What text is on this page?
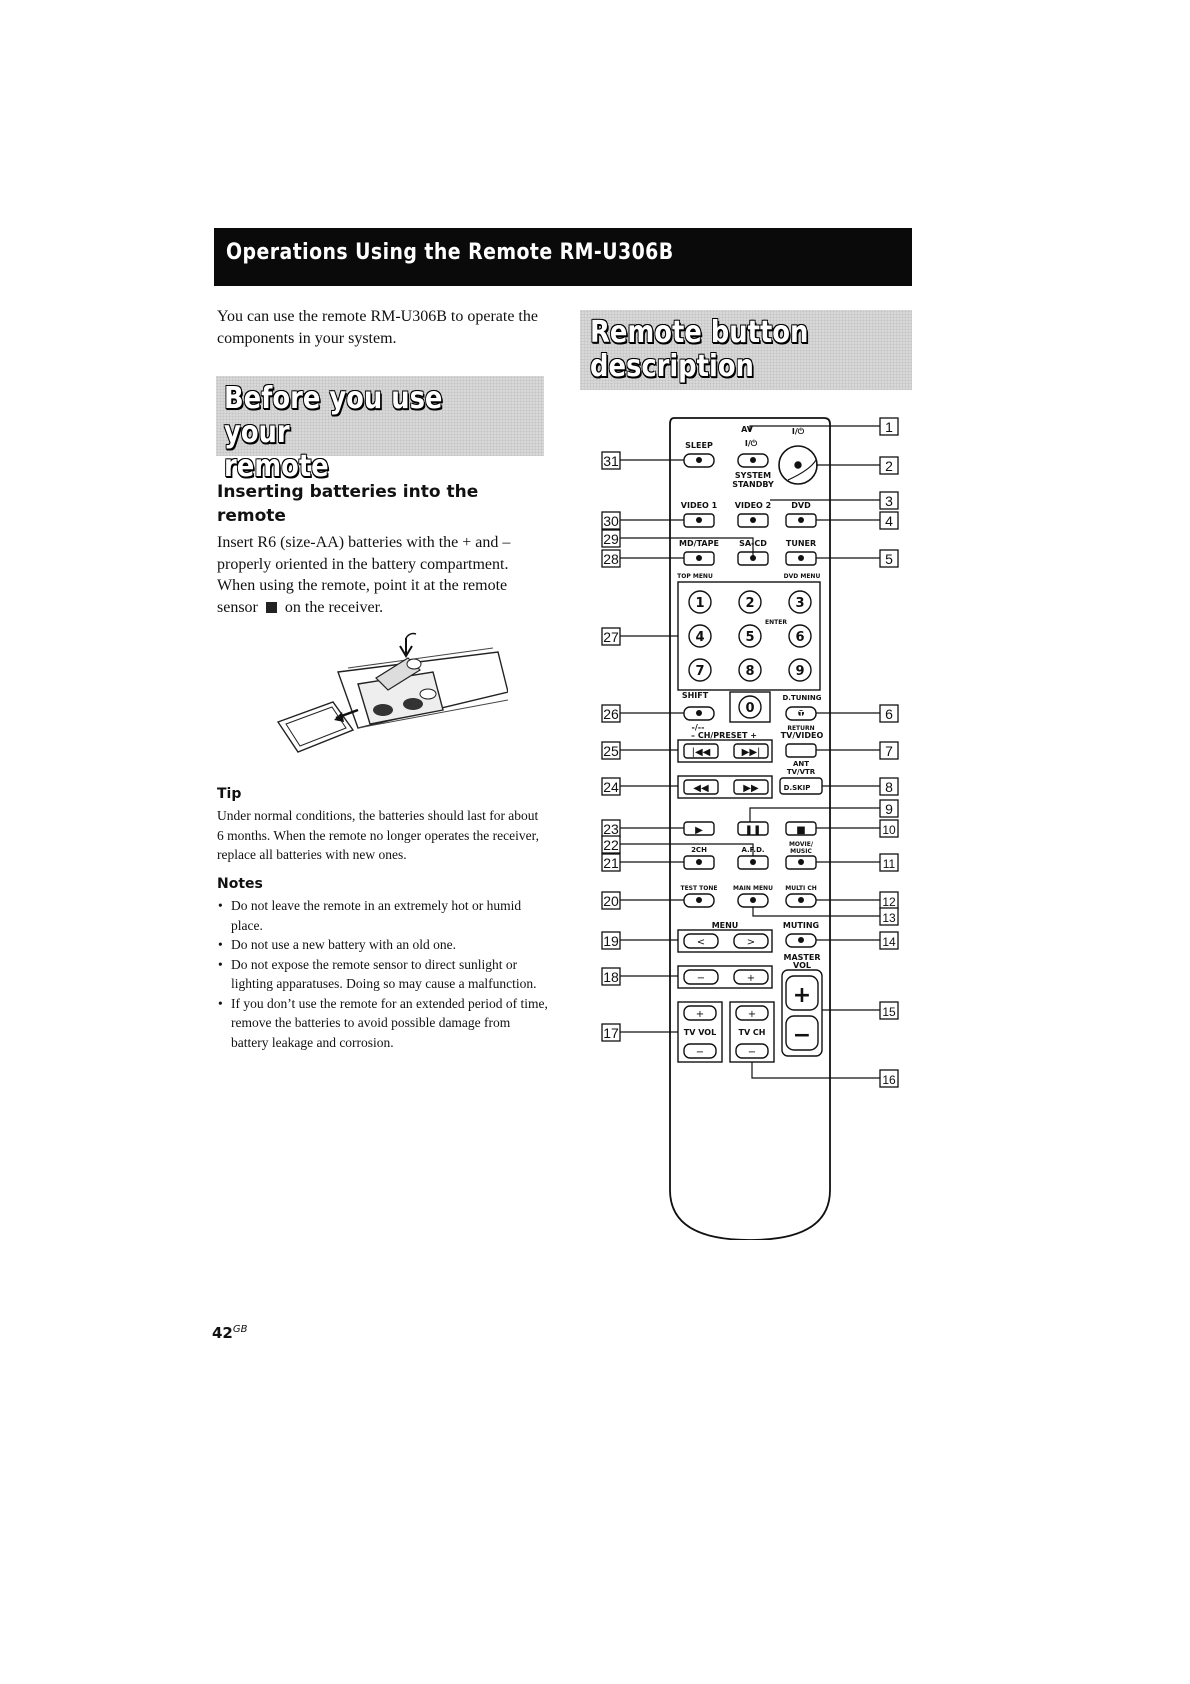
Operations Using the Remote RM-U306B
You can use the remote RM-U306B to operate the components in your system.
Before you use your
remote
Remote button
description
Inserting batteries into the remote
Insert R6 (size-AA) batteries with the + and – properly oriented in the battery compartment. When using the remote, point it at the remote sensor on the receiver.
Tip
Under normal conditions, the batteries should last for about 6 months. When the remote no longer operates the receiver, replace all batteries with new ones.
Notes
• Do not leave the remote in an extremely hot or humid place.
• Do not use a new battery with an old one.
• Do not expose the remote sensor to direct sunlight or lighting apparatuses. Doing so may cause a malfunction.
• If you don’t use the remote for an extended period of time, remove the batteries to avoid possible damage from battery leakage and corrosion.
$42^{GB}$
|◀◀	▶▶|
◀◀	▶▶
▶	❚❚	■
<	>
−	+
+
−
+
−
+
−
1	2	3
4	5	6
7	8	9
0
SLEEP
AV
I/⏻
I/⏻
SYSTEM
STANDBY
VIDEO 1 VIDEO 2	DVD
MD/TAPE	SA-CD TUNER
TOP MENU	DVD MENU
ENTER
SHIFT
-/--
D.TUNING
ENTER
RETURN
– CH/PRESET +	TV/VIDEO
ANT
TV/VTR
D.SKIP
MOVIE/
MUSIC
2CH	A.F.D.
TEST TONE	MAIN MENU MULTI CH
MENU	MUTING
MASTER
VOL
TV VOL	TV CH
1
2
3
4
5
6
7
8
9
10
11
12
13
14
15
16
31
30
29
28
27
26
25
24
23
22
21
20
19
18
17
